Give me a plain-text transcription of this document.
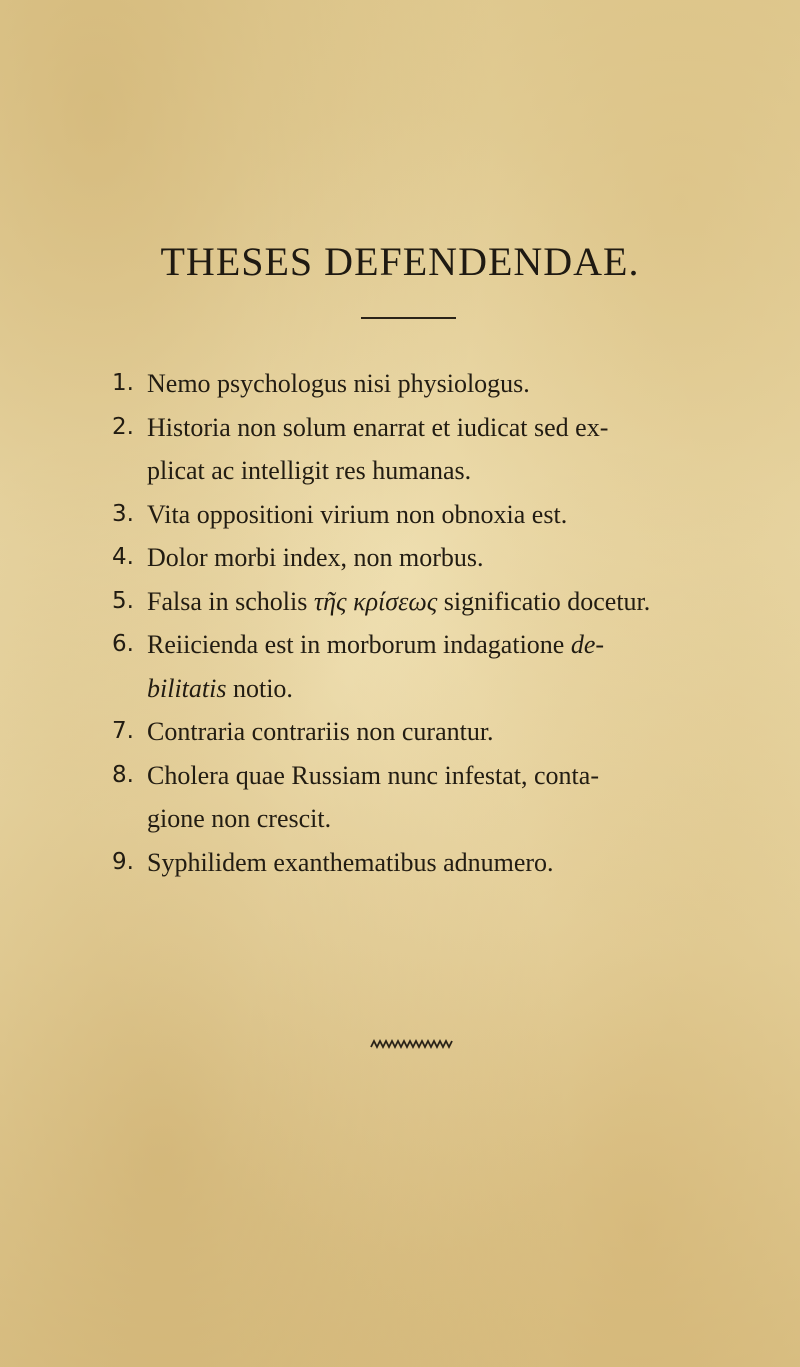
THESES DEFENDENDAE.
1. Nemo psychologus nisi physiologus.
2. Historia non solum enarrat et iudicat sed ex-
plicat ac intelligit res humanas.
3. Vita oppositioni virium non obnoxia est.
4. Dolor morbi index, non morbus.
5. Falsa in scholis τῆς κρίσεως significatio docetur.
6. Reiicienda est in morborum indagatione de-
bilitatis notio.
7. Contraria contrariis non curantur.
8. Cholera quae Russiam nunc infestat, conta-
gione non crescit.
9. Syphilidem exanthematibus adnumero.
